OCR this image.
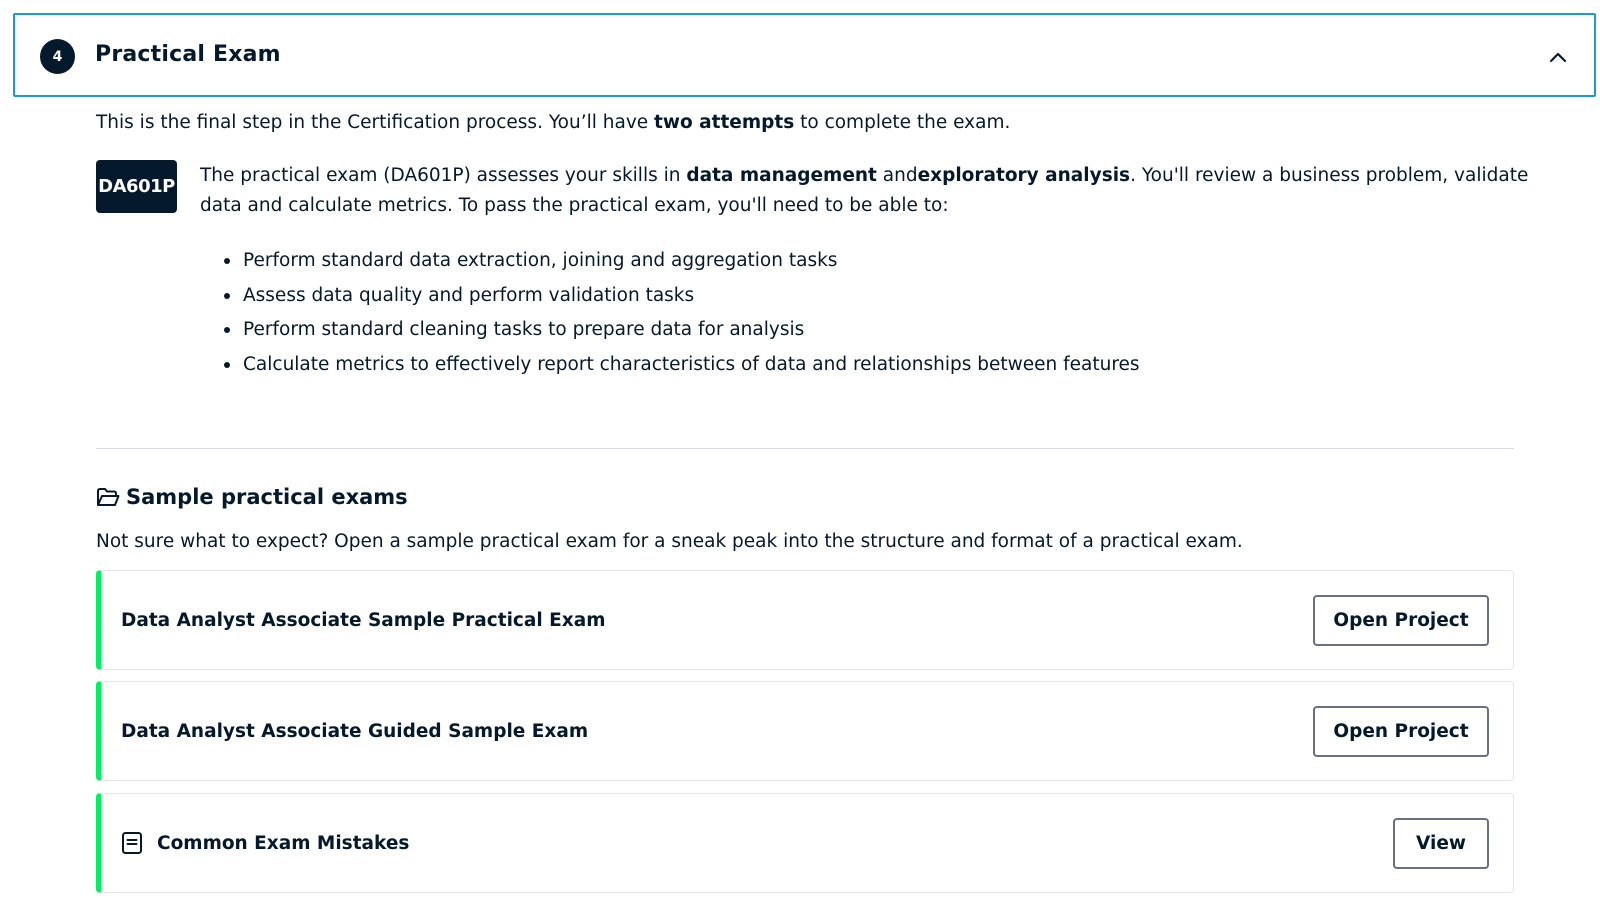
4	Practical Exam

This is the final step in the Certification process. You’ll have two attempts to complete the exam.

DA601P

The practical exam (DA601P) assesses your skills in data management andexploratory analysis. You'll review a business problem, validate data and calculate metrics. To pass the practical exam, you'll need to be able to:

Perform standard data extraction, joining and aggregation tasks
Assess data quality and perform validation tasks
Perform standard cleaning tasks to prepare data for analysis
Calculate metrics to effectively report characteristics of data and relationships between features
Sample practical exams

Not sure what to expect? Open a sample practical exam for a sneak peak into the structure and format of a practical exam.

Data Analyst Associate Sample Practical Exam	Open Project
Data Analyst Associate Guided Sample Exam	Open Project
Common Exam Mistakes	View
